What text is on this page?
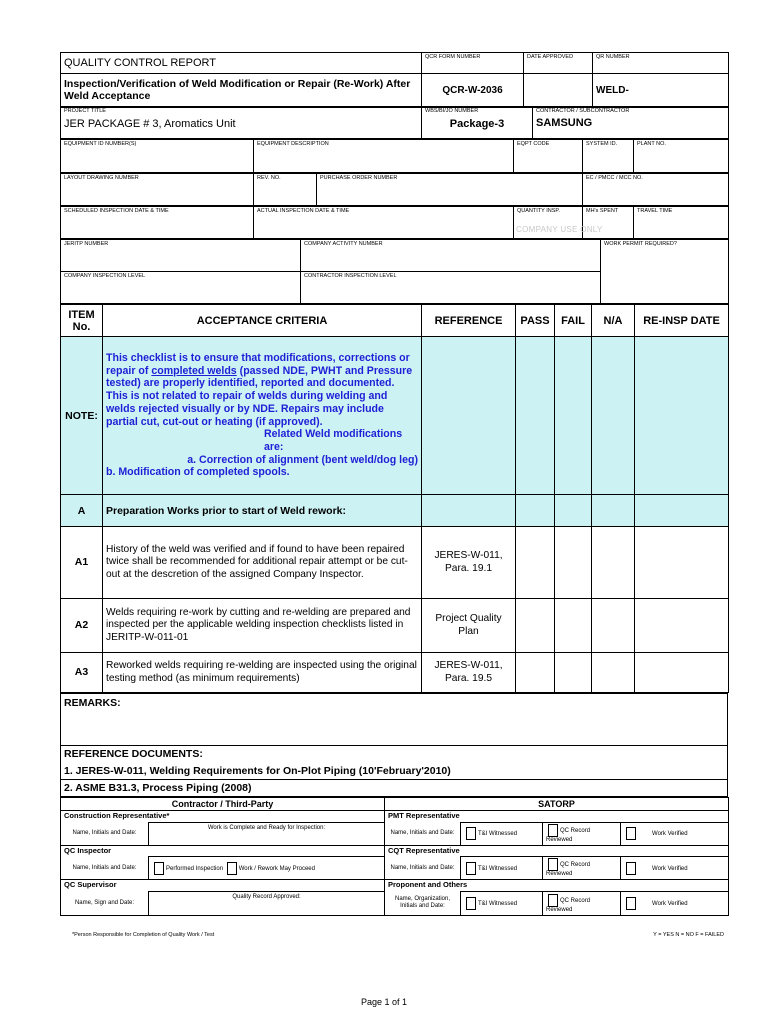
QUALITY CONTROL REPORT	QCR FORM NUMBER	DATE APPROVED	QR NUMBER
Inspection/Verification of Weld Modification or Repair (Re-Work) After Weld Acceptance	QCR-W-2036		WELD-
PROJECT TITLE
JER PACKAGE # 3, Aromatics Unit

WBS/BI/JO NUMBER
Package-3

CONTRACTOR / SUBCONTRACTOR
SAMSUNG
EQUIPMENT ID NUMBER(S)	EQUIPMENT DESCRIPTION	EQPT CODE	SYSTEM ID.	PLANT NO.
LAYOUT DRAWING NUMBER	REV. NO.	PURCHASE ORDER NUMBER	EC / PMCC / MCC NO.
SCHEDULED INSPECTION DATE & TIME	ACTUAL INSPECTION DATE & TIME	QUANTITY INSP.
COMPANY USE ONLY
	MH's SPENT	TRAVEL TIME
JERITP NUMBER	COMPANY ACTIVITY NUMBER	WORK PERMIT REQUIRED?
COMPANY INSPECTION LEVEL	CONTRACTOR INSPECTION LEVEL	
ITEM No.	ACCEPTANCE CRITERIA	REFERENCE	PASS	FAIL	N/A	RE-INSP DATE
NOTE:	This checklist is to ensure that modifications, corrections or repair of completed welds (passed NDE, PWHT and Pressure tested) are properly identified, reported and documented. This is not related to repair of welds during welding and welds rejected visually or by NDE. Repairs may include partial cut, cut-out or heating (if approved).
Related Weld modifications are:
a. Correction of alignment (bent weld/dog leg)
b. Modification of completed spools.					

A	Preparation Works prior to start of Weld rework:					
A1	History of the weld was verified and if found to have been repaired twice shall be recommended for additional repair attempt or be cut-out at the descretion of the assigned Company Inspector.	JERES-W-011, Para. 19.1				
A2	Welds requiring re-work by cutting and re-welding are prepared and inspected per the applicable welding inspection checklists listed in JERITP-W-011-01	Project Quality Plan				
A3	Reworked welds requiring re-welding are inspected using the original testing method (as minimum requirements)	JERES-W-011, Para. 19.5				
REMARKS:
REFERENCE DOCUMENTS:
1. JERES-W-011, Welding Requirements for On-Plot Piping (10'February'2010)
2. ASME B31.3, Process Piping (2008)
Contractor / Third-Party		SATORP			
Construction Representative*		PMT Representative			
Name, Initials and Date:	Work is Complete and Ready for Inspection:	Name, Initials and Date:	T&I Witnessed	QC Record Reviewed	Work Verified
QC Inspector		CQT Representative			
Name, Initials and Date:	Performed Inspection Work / Rework May Proceed	Name, Initials and Date:	T&I Witnessed	QC Record Reviewed	Work Verified
QC Supervisor		Proponent and Others			
Name, Sign and Date:	Quality Record Approved:	Name, Organization, Initials and Date:	T&I Witnessed	QC Record Reviewed	Work Verified
*Person Responsible for Completion of Quality Work / Test	Y = YES N = NO F = FAILED
Page 1 of 1
